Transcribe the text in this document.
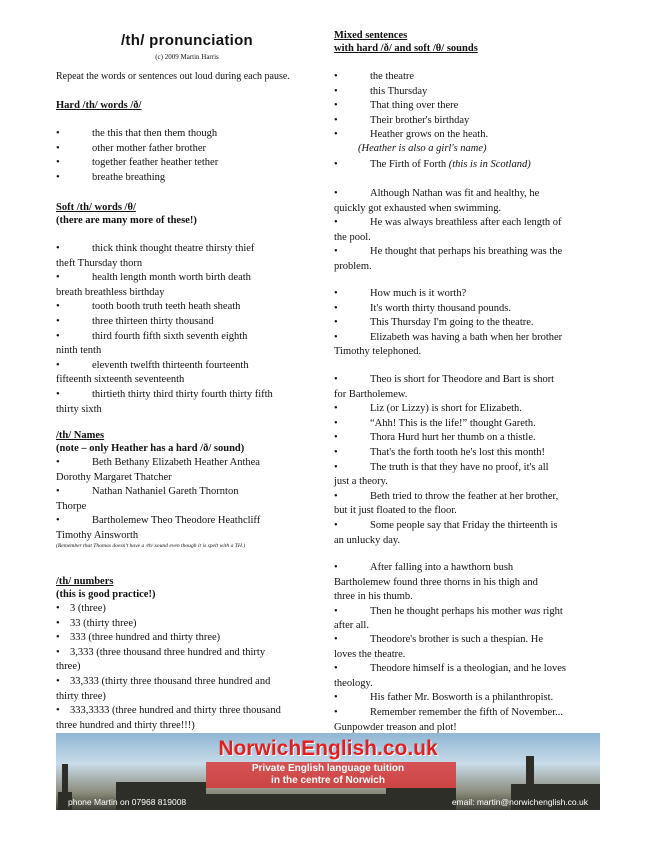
/th/ pronunciation
(c) 2009 Martin Harris
Repeat the words or sentences out loud during each pause.
Hard /th/ words /ð/
•	the this that then them though
•	other mother father brother
•	together feather heather tether
•	breathe breathing
Soft /th/ words /θ/
(there are many more of these!)
•	thick think thought theatre thirsty thief
theft Thursday thorn
•	health length month worth birth death
breath breathless birthday
•	tooth booth truth teeth heath sheath
•	three thirteen thirty thousand
•	third fourth fifth sixth seventh eighth
ninth tenth
•	eleventh twelfth thirteenth fourteenth
fifteenth sixteenth seventeenth
•	thirtieth thirty third thirty fourth thirty fifth
thirty sixth
/th/ Names
(note – only Heather has a hard /ð/ sound)
•	Beth Bethany Elizabeth Heather Anthea
Dorothy Margaret Thatcher
•	Nathan Nathaniel Gareth Thornton
Thorpe
•	Bartholemew Theo Theodore Heathcliff
Timothy Ainsworth
(Remember that Thomas doesn't have a /th/ sound even though it is spelt with a TH.)
/th/ numbers
(this is good practice!)
• 3 (three)
• 33 (thirty three)
• 333 (three hundred and thirty three)
• 3,333 (three thousand three hundred and thirty
three)
• 33,333 (thirty three thousand three hundred and
thirty three)
• 333,3333 (three hundred and thirty three thousand
three hundred and thirty three!!!)
Mixed sentences
with hard /ð/ and soft /θ/ sounds
•	the theatre
•	this Thursday
•	That thing over there
•	Their brother's birthday
•	Heather grows on the heath.
(Heather is also a girl's name)
•	The Firth of Forth (this is in Scotland)
•	Although Nathan was fit and healthy, he
quickly got exhausted when swimming.
•	He was always breathless after each length of
the pool.
•	He thought that perhaps his breathing was the
problem.
•	How much is it worth?
•	It's worth thirty thousand pounds.
•	This Thursday I'm going to the theatre.
•	Elizabeth was having a bath when her brother
Timothy telephoned.
•	Theo is short for Theodore and Bart is short
for Bartholemew.
•	Liz (or Lizzy) is short for Elizabeth.
•	“Ahh! This is the life!” thought Gareth.
•	Thora Hurd hurt her thumb on a thistle.
•	That's the forth tooth he's lost this month!
•	The truth is that they have no proof, it's all
just a theory.
•	Beth tried to throw the feather at her brother,
but it just floated to the floor.
•	Some people say that Friday the thirteenth is
an unlucky day.
•	After falling into a hawthorn bush
Bartholemew found three thorns in his thigh and
three in his thumb.
•	Then he thought perhaps his mother was right
after all.
•	Theodore's brother is such a thespian. He
loves the theatre.
•	Theodore himself is a theologian, and he loves
theology.
•	His father Mr. Bosworth is a philanthropist.
•	Remember remember the fifth of November...
Gunpowder treason and plot!
NorwichEnglish.co.uk
Private English language tuition
in the centre of Norwich
phone Martin on 07968 819008	email: martin@norwichenglish.co.uk
